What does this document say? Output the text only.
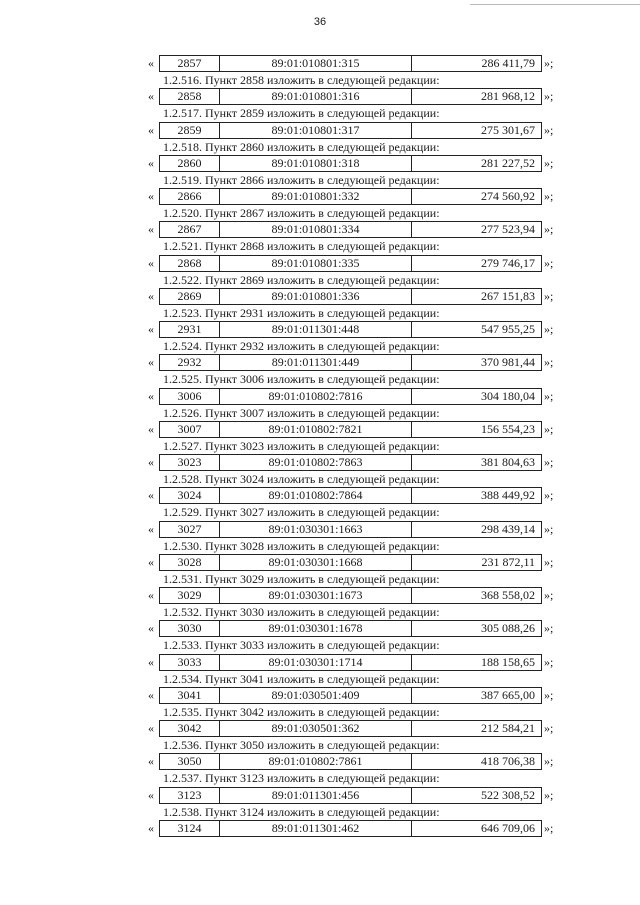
36
«	2857	89:01:010801:315	286 411,79 »;
1.2.516. Пункт 2858 изложить в следующей редакции:
«	2858	89:01:010801:316	281 968,12 »;
1.2.517. Пункт 2859 изложить в следующей редакции:
«	2859	89:01:010801:317	275 301,67 »;
1.2.518. Пункт 2860 изложить в следующей редакции:
«	2860	89:01:010801:318	281 227,52 »;
1.2.519. Пункт 2866 изложить в следующей редакции:
«	2866	89:01:010801:332	274 560,92 »;
1.2.520. Пункт 2867 изложить в следующей редакции:
«	2867	89:01:010801:334	277 523,94 »;
1.2.521. Пункт 2868 изложить в следующей редакции:
«	2868	89:01:010801:335	279 746,17 »;
1.2.522. Пункт 2869 изложить в следующей редакции:
«	2869	89:01:010801:336	267 151,83 »;
1.2.523. Пункт 2931 изложить в следующей редакции:
«	2931	89:01:011301:448	547 955,25 »;
1.2.524. Пункт 2932 изложить в следующей редакции:
«	2932	89:01:011301:449	370 981,44 »;
1.2.525. Пункт 3006 изложить в следующей редакции:
«	3006	89:01:010802:7816	304 180,04 »;
1.2.526. Пункт 3007 изложить в следующей редакции:
«	3007	89:01:010802:7821	156 554,23 »;
1.2.527. Пункт 3023 изложить в следующей редакции:
«	3023	89:01:010802:7863	381 804,63 »;
1.2.528. Пункт 3024 изложить в следующей редакции:
«	3024	89:01:010802:7864	388 449,92 »;
1.2.529. Пункт 3027 изложить в следующей редакции:
«	3027	89:01:030301:1663	298 439,14 »;
1.2.530. Пункт 3028 изложить в следующей редакции:
«	3028	89:01:030301:1668	231 872,11 »;
1.2.531. Пункт 3029 изложить в следующей редакции:
«	3029	89:01:030301:1673	368 558,02 »;
1.2.532. Пункт 3030 изложить в следующей редакции:
«	3030	89:01:030301:1678	305 088,26 »;
1.2.533. Пункт 3033 изложить в следующей редакции:
«	3033	89:01:030301:1714	188 158,65 »;
1.2.534. Пункт 3041 изложить в следующей редакции:
«	3041	89:01:030501:409	387 665,00 »;
1.2.535. Пункт 3042 изложить в следующей редакции:
«	3042	89:01:030501:362	212 584,21 »;
1.2.536. Пункт 3050 изложить в следующей редакции:
«	3050	89:01:010802:7861	418 706,38 »;
1.2.537. Пункт 3123 изложить в следующей редакции:
«	3123	89:01:011301:456	522 308,52 »;
1.2.538. Пункт 3124 изложить в следующей редакции:
«	3124	89:01:011301:462	646 709,06 »;
